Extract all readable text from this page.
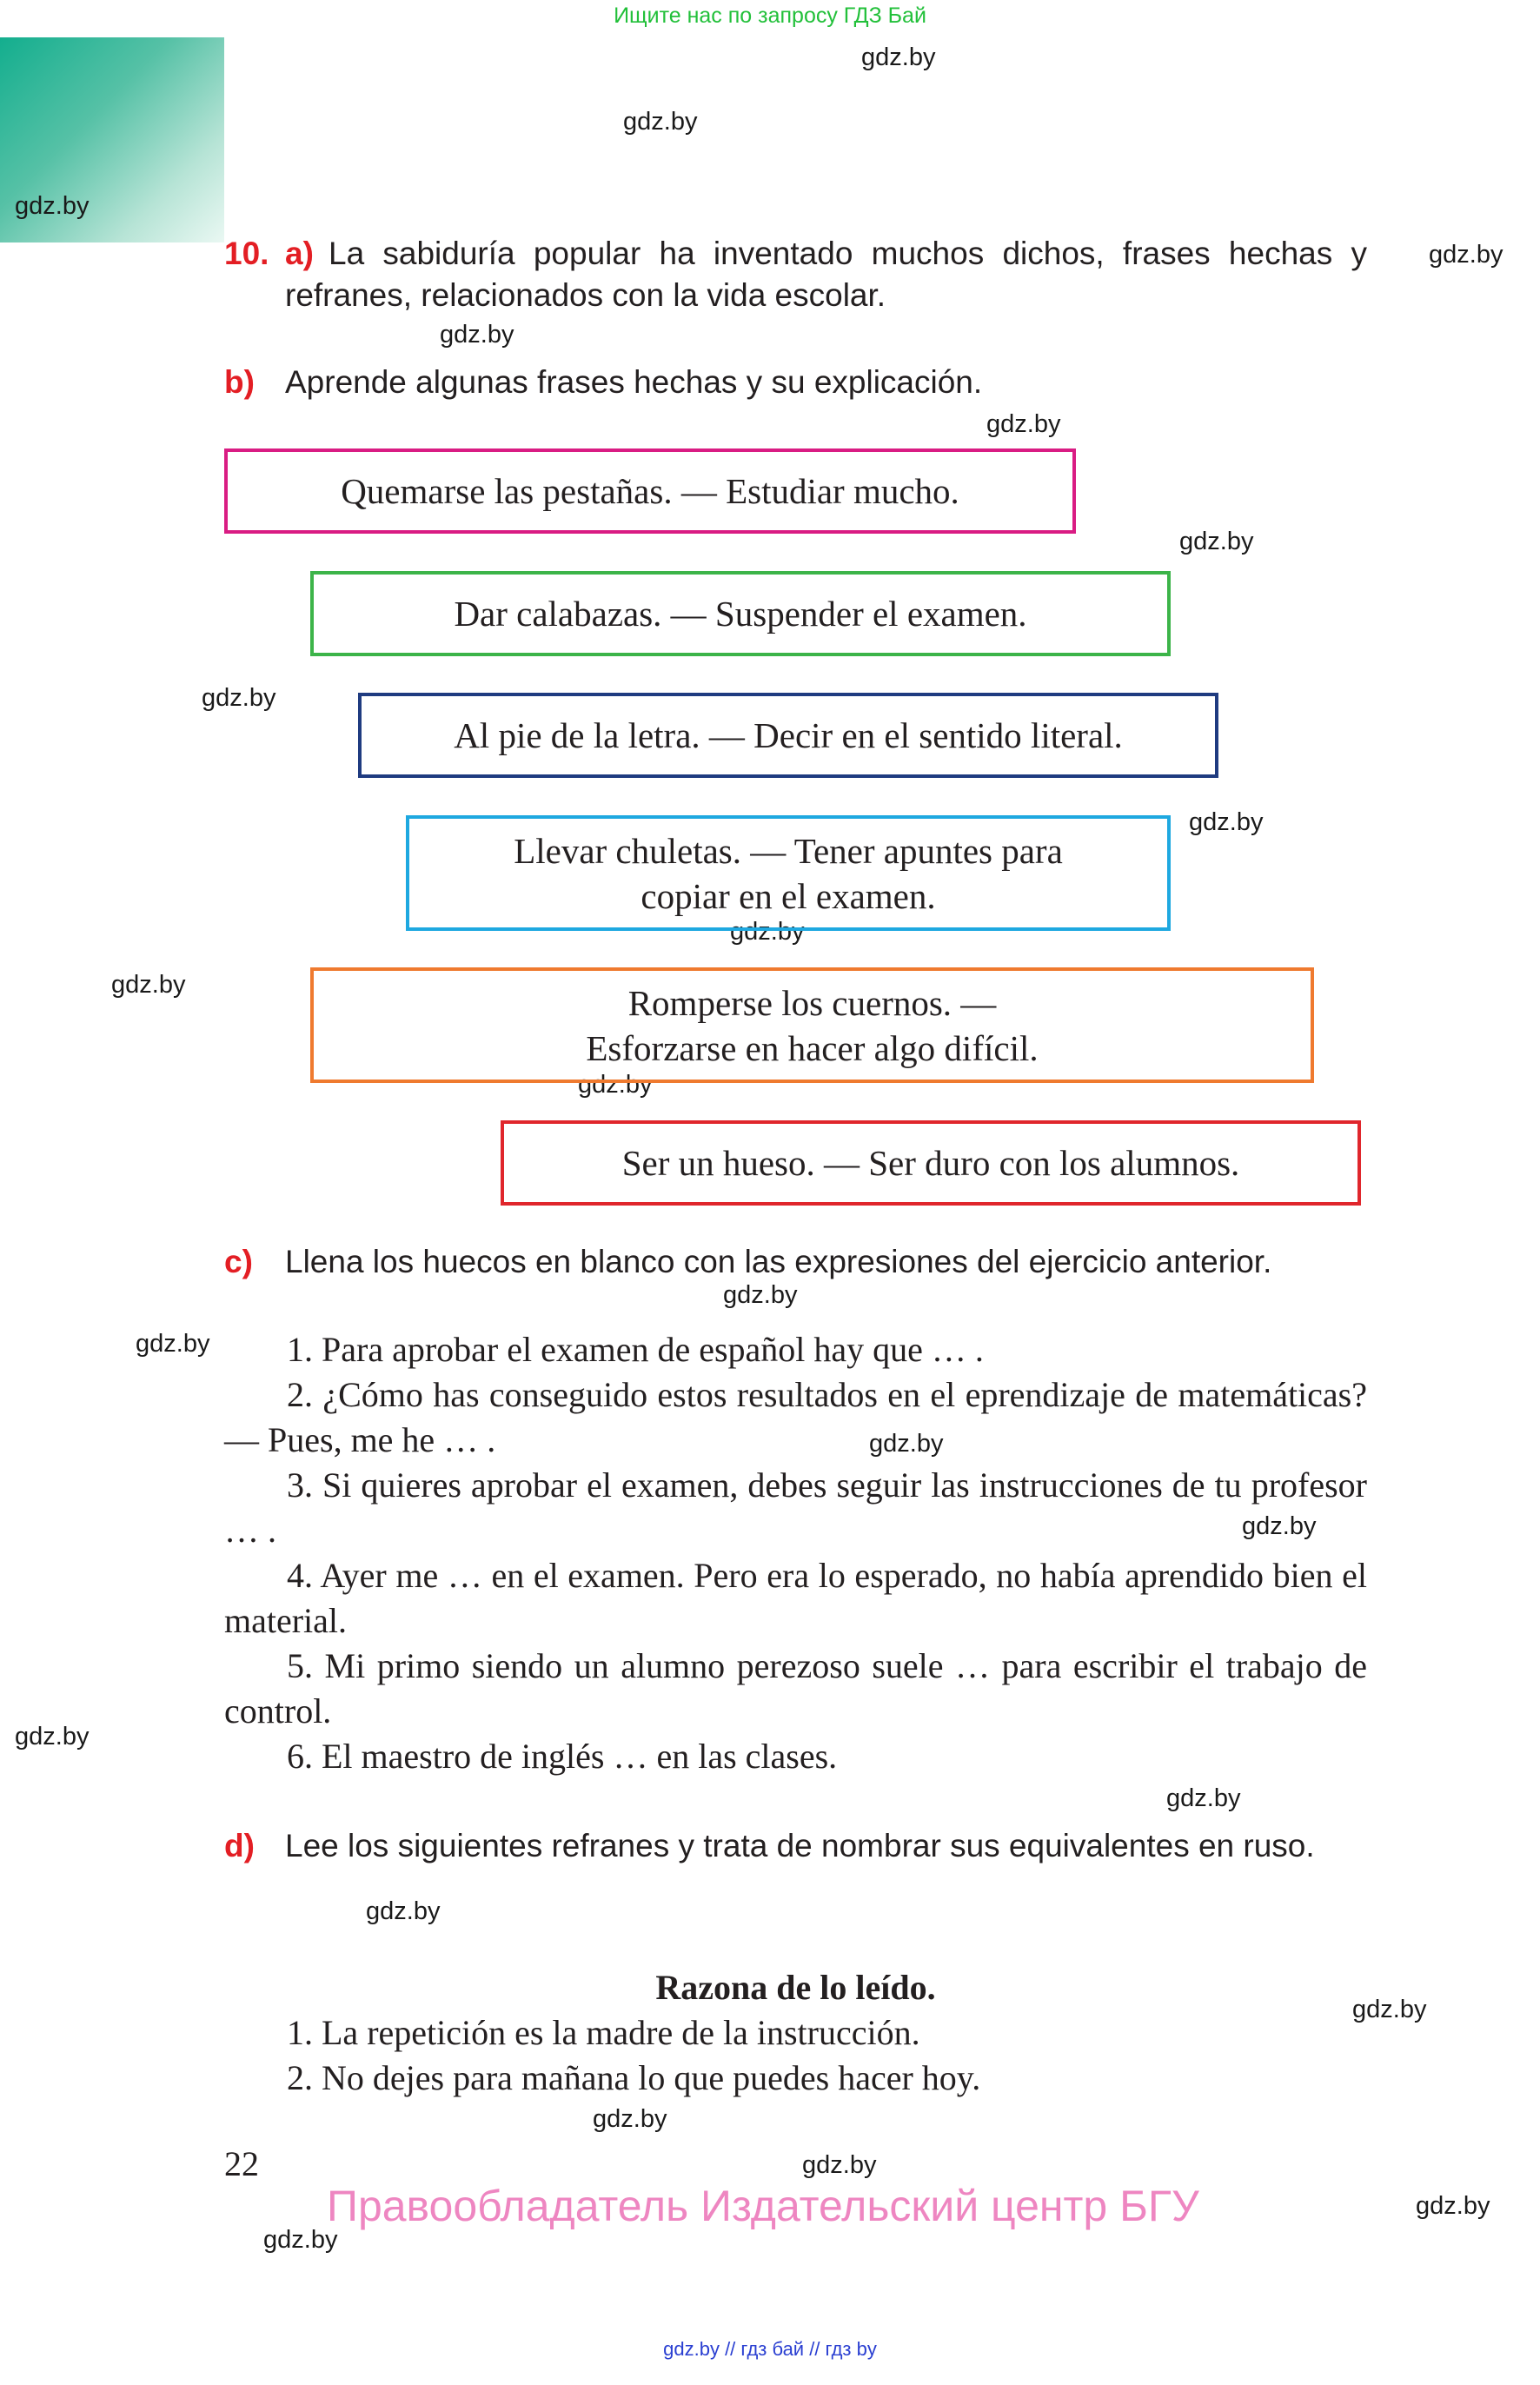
Ищите нас по запросу ГДЗ Бай
gdz.by
gdz.by
gdz.by
gdz.by
gdz.by
gdz.by
gdz.by
gdz.by
gdz.by
gdz.by
gdz.by
gdz.by
gdz.by
gdz.by
gdz.by
gdz.by
gdz.by
gdz.by
gdz.by
gdz.by
gdz.by
gdz.by
gdz.by
gdz.by
10. a) La sabiduría popular ha inventado muchos dichos, frases hechas y refranes, relacionados con la vida escolar.
b) Aprende algunas frases hechas y su explicación.
Quemarse las pestañas. — Estudiar mucho.
Dar calabazas. — Suspender el examen.
Al pie de la letra. — Decir en el sentido literal.
Llevar chuletas. — Tener apuntes para
copiar en el examen.
Romperse los cuernos. —
Esforzarse en hacer algo difícil.
Ser un hueso. — Ser duro con los alumnos.
c) Llena los huecos en blanco con las expresiones del ejercicio anterior.
1. Para aprobar el examen de español hay que … .
2. ¿Cómo has conseguido estos resultados en el eprendizaje de matemáticas? — Pues, me he … .
3. Si quieres aprobar el examen, debes seguir las instrucciones de tu profesor … .
4. Ayer me … en el examen. Pero era lo esperado, no había aprendido bien el material.
5. Mi primo siendo un alumno perezoso suele … para escribir el trabajo de control.
6. El maestro de inglés … en las clases.
d) Lee los siguientes refranes y trata de nombrar sus equivalentes en ruso.
Razona de lo leído.
1. La repetición es la madre de la instrucción.
2. No dejes para mañana lo que puedes hacer hoy.
22
Правообладатель Издательский центр БГУ
gdz.by // гдз бай // гдз by
